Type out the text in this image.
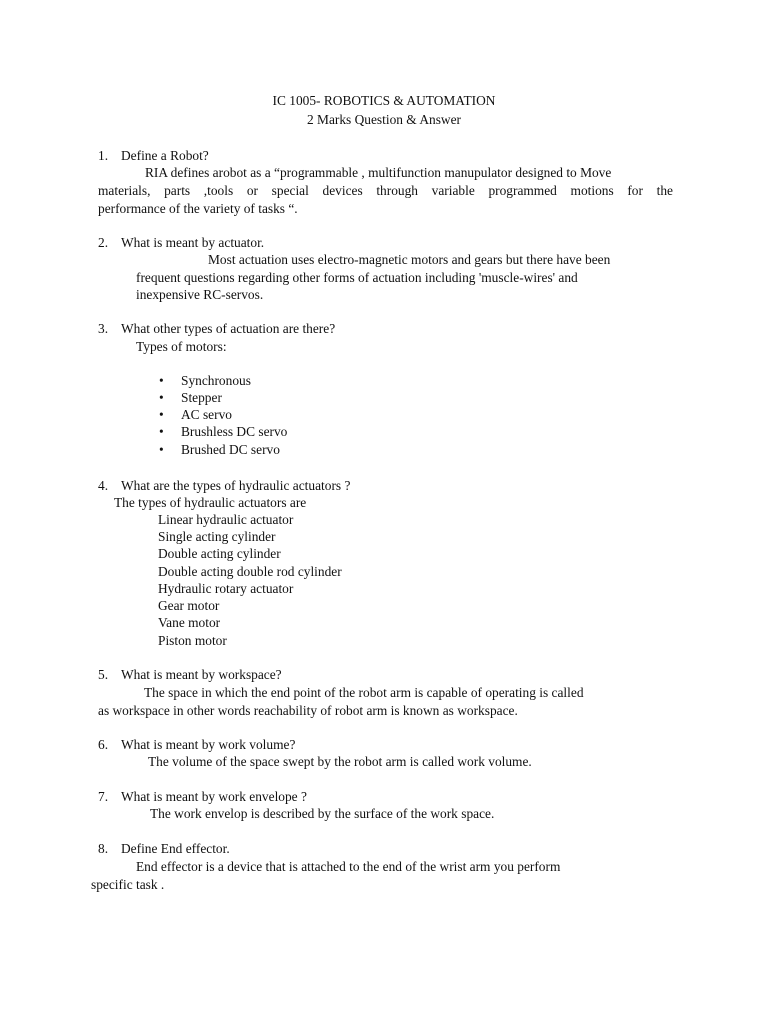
IC 1005- ROBOTICS & AUTOMATION
2 Marks Question & Answer
1. Define a Robot?
RIA defines arobot as a “programmable , multifunction manupulator designed to Move
materials, parts ,tools or special devices through variable programmed motions for the
performance of the variety of tasks “.
2. What is meant by actuator.
Most actuation uses electro-magnetic motors and gears but there have been
frequent questions regarding other forms of actuation including 'muscle-wires' and
inexpensive RC-servos.
3. What other types of actuation are there?
Types of motors:
• Synchronous
• Stepper
• AC servo
• Brushless DC servo
• Brushed DC servo
4. What are the types of hydraulic actuators ?
The types of hydraulic actuators are
Linear hydraulic actuator
Single acting cylinder
Double acting cylinder
Double acting double rod cylinder
Hydraulic rotary actuator
Gear motor
Vane motor
Piston motor
5. What is meant by workspace?
The space in which the end point of the robot arm is capable of operating is called
as workspace in other words reachability of robot arm is known as workspace.
6. What is meant by work volume?
The volume of the space swept by the robot arm is called work volume.
7. What is meant by work envelope ?
The work envelop is described by the surface of the work space.
8. Define End effector.
End effector is a device that is attached to the end of the wrist arm you perform
specific task .
